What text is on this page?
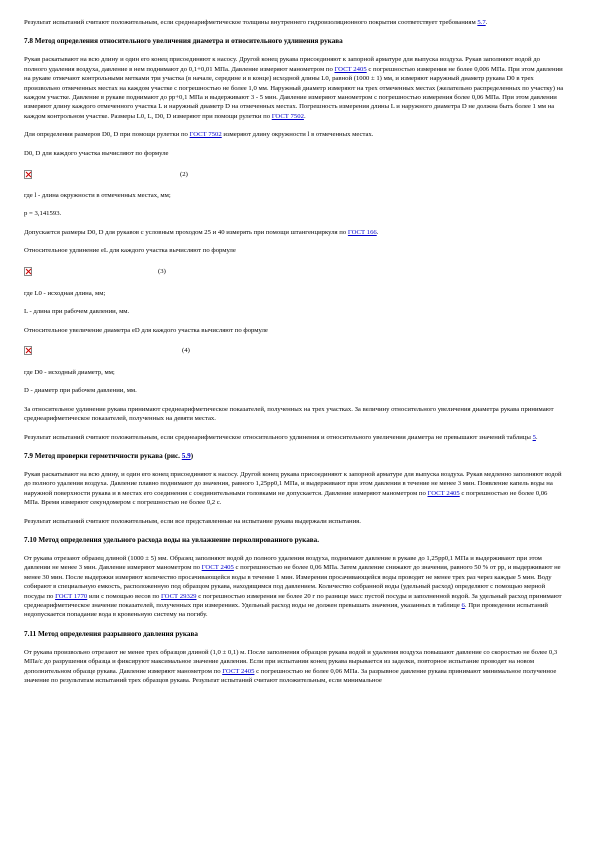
Результат испытаний считают положительным, если среднеарифметическое толщины внутреннего гидроизоляционного покрытия соответствует требованиям 5.7.

7.8 Метод определения относительного увеличения диаметра и относительного удлинения рукава

Рукав раскатывают на всю длину и один его конец присоединяют к насосу. Другой конец рукава присоединяют к запорной арматуре для выпуска воздуха. Рукав заполняют водой до полного удаления воздуха, давление в нем поднимают до 0,1+0,01 МПа. Давление измеряют манометром по ГОСТ 2405 с погрешностью измерения не более 0,006 МПа. При этом давлении на рукаве отмечают контрольными метками три участка (в начале, середине и в конце) исходной длины L0, равной (1000 ± 1) мм, и измеряют наружный диаметр рукава D0 в трех произвольно отмеченных местах на каждом участке с погрешностью не более 1,0 мм. Наружный диаметр измеряют на трех отмеченных местах (желательно распределенных по участку) на каждом участке. Давление в рукаве поднимают до рр+0,1 МПа и выдерживают 3 - 5 мин. Давление измеряют манометром с погрешностью измерения более 0,06 МПа. При этом давлении измеряют длину каждого отмеченного участка L и наружный диаметр D на отмеченных местах. Погрешность измерения длины L и наружного диаметра D не должна быть более 1 мм на каждом контрольном участке. Размеры L0, L, D0, D измеряют при помощи рулетки по ГОСТ 7502.

Для определения размеров D0, D при помощи рулетки по ГОСТ 7502 измеряют длину окружности l в отмеченных местах.

D0, D для каждого участка вычисляют по формуле

(2)

где l - длина окружности в отмеченных местах, мм;

p = 3,141593.

Допускается размеры D0, D для рукавов с условным проходом 25 и 40 измерять при помощи штангенциркуля по ГОСТ 166.

Относительное удлинение eL для каждого участка вычисляют по формуле

(3)

где L0 - исходная длина, мм;

L - длина при рабочем давлении, мм.

Относительное увеличение диаметра eD для каждого участка вычисляют по формуле

(4)

где D0 - исходный диаметр, мм;

D - диаметр при рабочем давлении, мм.

За относительное удлинение рукава принимают среднеарифметическое показателей, полученных на трех участках. За величину относительного увеличения диаметра рукава принимают среднеарифметическое показателей, полученных на девяти местах.

Результат испытаний считают положительным, если среднеарифметическое относительного удлинения и относительного увеличения диаметра не превышают значений таблицы 5.

7.9 Метод проверки герметичности рукава (рис. 5.9)

Рукав раскатывают на всю длину, и один его конец присоединяют к насосу. Другой конец рукава присоединяют к запорной арматуре для выпуска воздуха. Рукав медленно заполняют водой до полного удаления воздуха. Давление плавно поднимают до значения, равного 1,25рр0,1 МПа, и выдерживают при этом давлении в течение не менее 3 мин. Появление капель воды на наружной поверхности рукава и в местах его соединения с соединительными головками не допускается. Давление измеряют манометром по ГОСТ 2405 с погрешностью не более 0,06 МПа. Время измеряют секундомером с погрешностью не более 0,2 с.

Результат испытаний считают положительным, если все представленные на испытание рукава выдержали испытания.

7.10 Метод определения удельного расхода воды на увлажнение перколированного рукава.

От рукава отрезают образец длиной (1000 ± 5) мм. Образец заполняют водой до полного удаления воздуха, поднимают давление в рукаве до 1,25рр0,1 МПа и выдерживают при этом давлении не менее 3 мин. Давление измеряют манометром по ГОСТ 2405 с погрешностью не более 0,06 МПа. Затем давление снижают до значения, равного 50 % от рр, и выдерживают не менее 30 мин. После выдержки измеряют количество просачивающейся воды в течение 1 мин. Измерения просачивающейся воды проводят не менее трех раз через каждые 5 мин. Воду собирают в специальную емкость, расположенную под образцом рукава, находящимся под давлением. Количество собранной воды (удельный расход) определяют с помощью мерной посуды по ГОСТ 1770 или с помощью весов по ГОСТ 29329 с погрешностью измерения не более 20 г по разнице масс пустой посуды и заполненной водой. За удельный расход принимают среднеарифметическое значение показателей, полученных при измерениях. Удельный расход воды не должен превышать значения, указанных в таблице 6. При проведении испытаний недопускается попадание вода в кровеньную систему на погибу.

7.11 Метод определения разрывного давления рукава

От рукава произвольно отрезают не менее трех образцов длиной (1,0 ± 0,1) м. После заполнения образцов рукава водой и удаления воздуха повышают давление со скоростью не более 0,3 МПа/с до разрушения образца и фиксируют максимальное значение давления. Если при испытании конец рукава вырывается из заделки, повторное испытание проводят на новом дополнительном образце рукава. Давление измеряют манометром по ГОСТ 2405 с погрешностью не более 0,06 МПа. За разрывное давление рукава принимают минимальное полученное значение по результатам испытаний трех образцов рукава. Результат испытаний считают положительным, если минимальное
